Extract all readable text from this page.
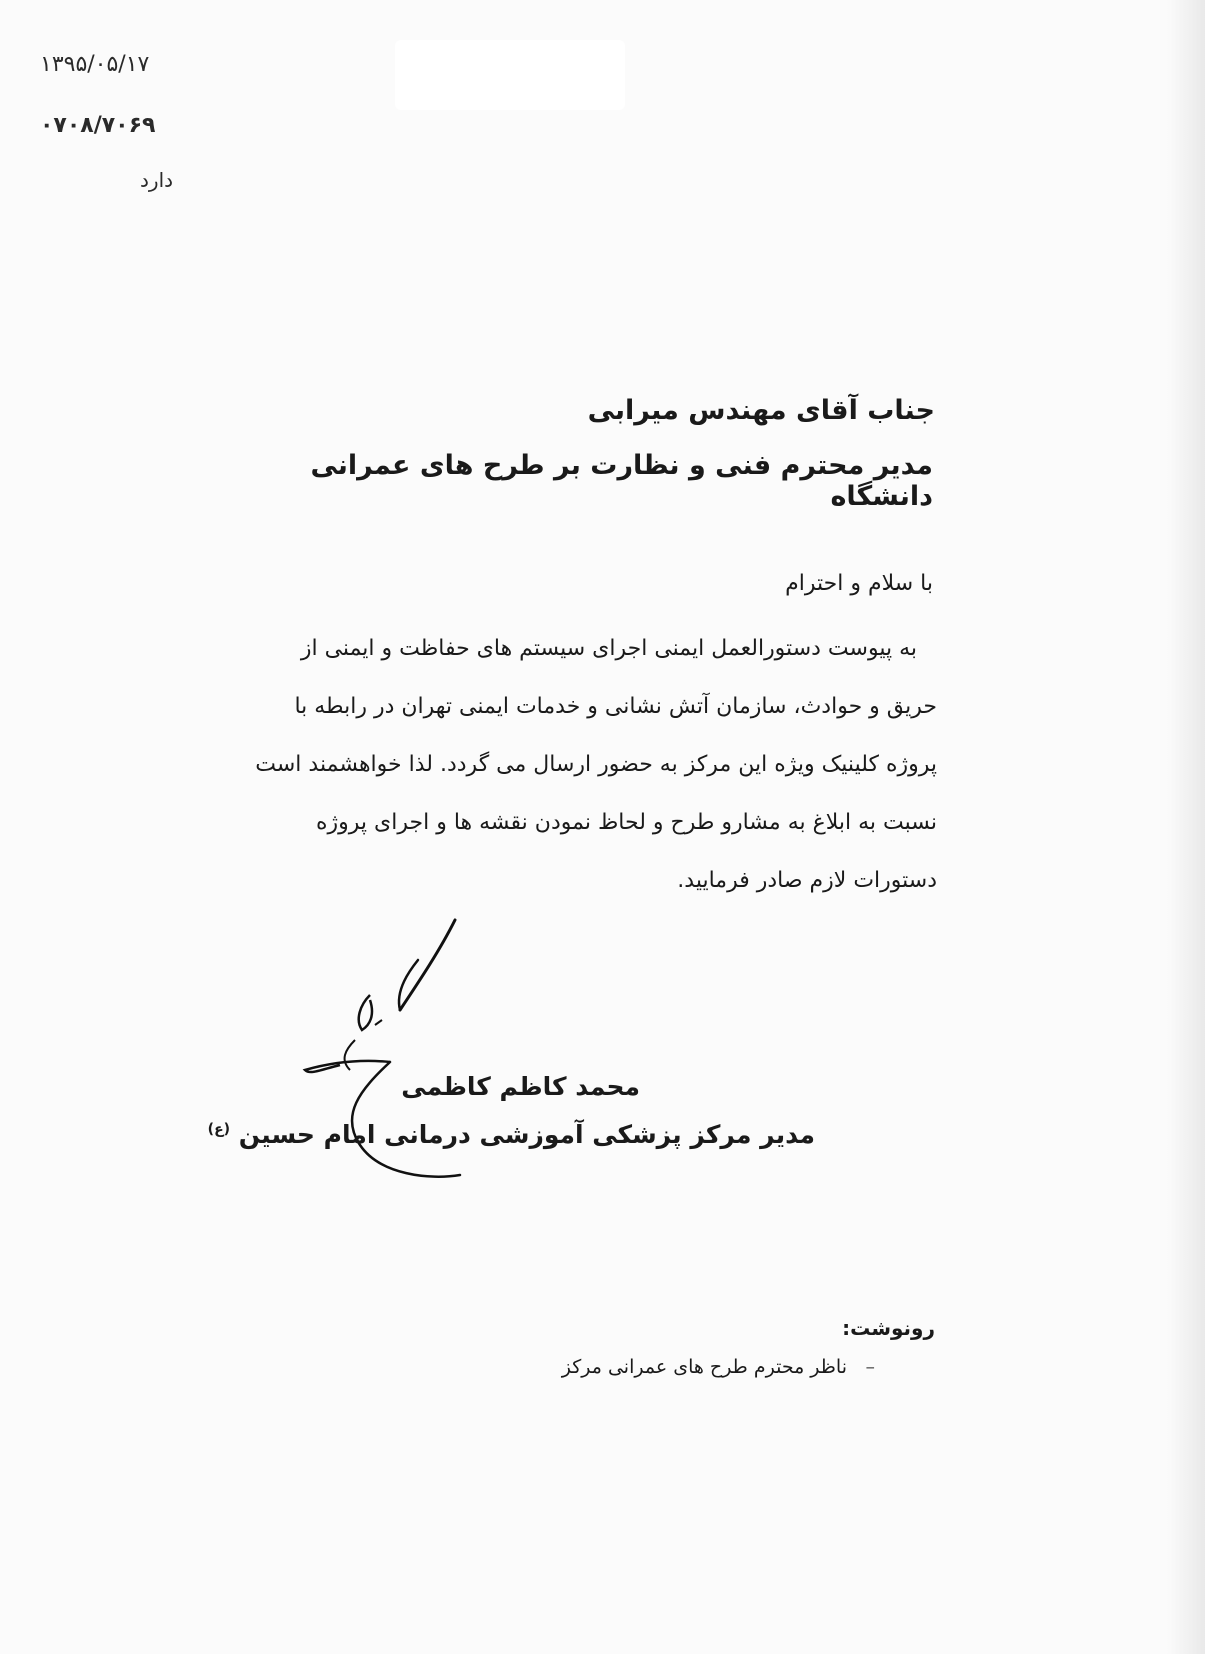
۱۳۹۵/۰۵/۱۷
۰۷۰۸/۷۰۶۹
دارد
جناب آقای مهندس میرابی
مدیر محترم فنی و نظارت بر طرح های عمرانی دانشگاه
با سلام و احترام

به پیوست دستورالعمل ایمنی اجرای سیستم های حفاظت و ایمنی از

حریق و حوادث، سازمان آتش نشانی و خدمات ایمنی تهران در رابطه با

پروژه کلینیک ویژه این مرکز به حضور ارسال می گردد. لذا خواهشمند است

نسبت به ابلاغ به مشارو طرح و لحاظ نمودن نقشه ها و اجرای پروژه

دستورات لازم صادر فرمایید.

محمد کاظم کاظمی
مدیر مرکز پزشکی آموزشی درمانی امام حسین $^{(ع)}$
رونوشت:
–
ناظر محترم طرح های عمرانی مرکز
